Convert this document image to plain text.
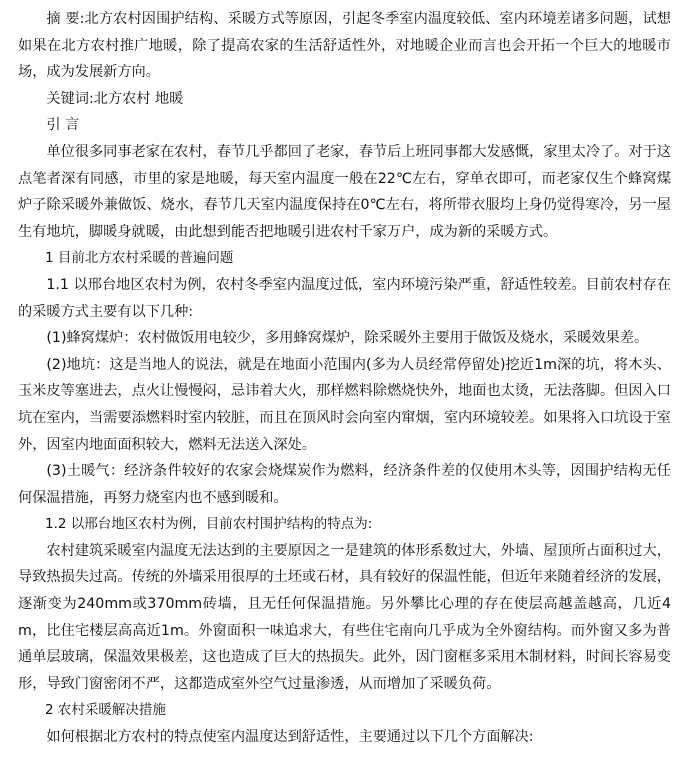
摘 要:北方农村因围护结构、采暖方式等原因，引起冬季室内温度较低、室内环境差诸多问题，试想如果在北方农村推广地暖，除了提高农家的生活舒适性外，对地暖企业而言也会开拓一个巨大的地暖市场，成为发展新方向。

关键词:北方农村 地暖

引 言

单位很多同事老家在农村，春节几乎都回了老家，春节后上班同事都大发感慨，家里太冷了。对于这点笔者深有同感，市里的家是地暖，每天室内温度一般在22℃左右，穿单衣即可，而老家仅生个蜂窝煤炉子除采暖外兼做饭、烧水，春节几天室内温度保持在0℃左右，将所带衣服均上身仍觉得寒冷，另一屋生有地坑，脚暖身就暖，由此想到能否把地暖引进农村千家万户，成为新的采暖方式。

1 目前北方农村采暖的普遍问题

1.1 以邢台地区农村为例，农村冬季室内温度过低，室内环境污染严重，舒适性较差。目前农村存在的采暖方式主要有以下几种:

(1)蜂窝煤炉：农村做饭用电较少，多用蜂窝煤炉，除采暖外主要用于做饭及烧水，采暖效果差。

(2)地坑：这是当地人的说法，就是在地面小范围内(多为人员经常停留处)挖近1m深的坑，将木头、玉米皮等塞进去，点火让慢慢闷，忌讳着大火，那样燃料除燃烧快外，地面也太烫，无法落脚。但因入口坑在室内，当需要添燃料时室内较脏，而且在顶风时会向室内窜烟，室内环境较差。如果将入口坑设于室外，因室内地面面积较大，燃料无法送入深处。

(3)土暖气：经济条件较好的农家会烧煤炭作为燃料，经济条件差的仅使用木头等，因围护结构无任何保温措施，再努力烧室内也不感到暖和。

1.2 以邢台地区农村为例，目前农村围护结构的特点为:

农村建筑采暖室内温度无法达到的主要原因之一是建筑的体形系数过大，外墙、屋顶所占面积过大，导致热损失过高。传统的外墙采用很厚的土坯或石材，具有较好的保温性能，但近年来随着经济的发展，逐渐变为240mm或370mm砖墙，且无任何保温措施。另外攀比心理的存在使层高越盖越高，几近4m，比住宅楼层高高近1m。外窗面积一味追求大，有些住宅南向几乎成为全外窗结构。而外窗又多为普通单层玻璃，保温效果极差，这也造成了巨大的热损失。此外，因门窗框多采用木制材料，时间长容易变形，导致门窗密闭不严，这都造成室外空气过量渗透，从而增加了采暖负荷。

2 农村采暖解决措施

如何根据北方农村的特点使室内温度达到舒适性，主要通过以下几个方面解决:
